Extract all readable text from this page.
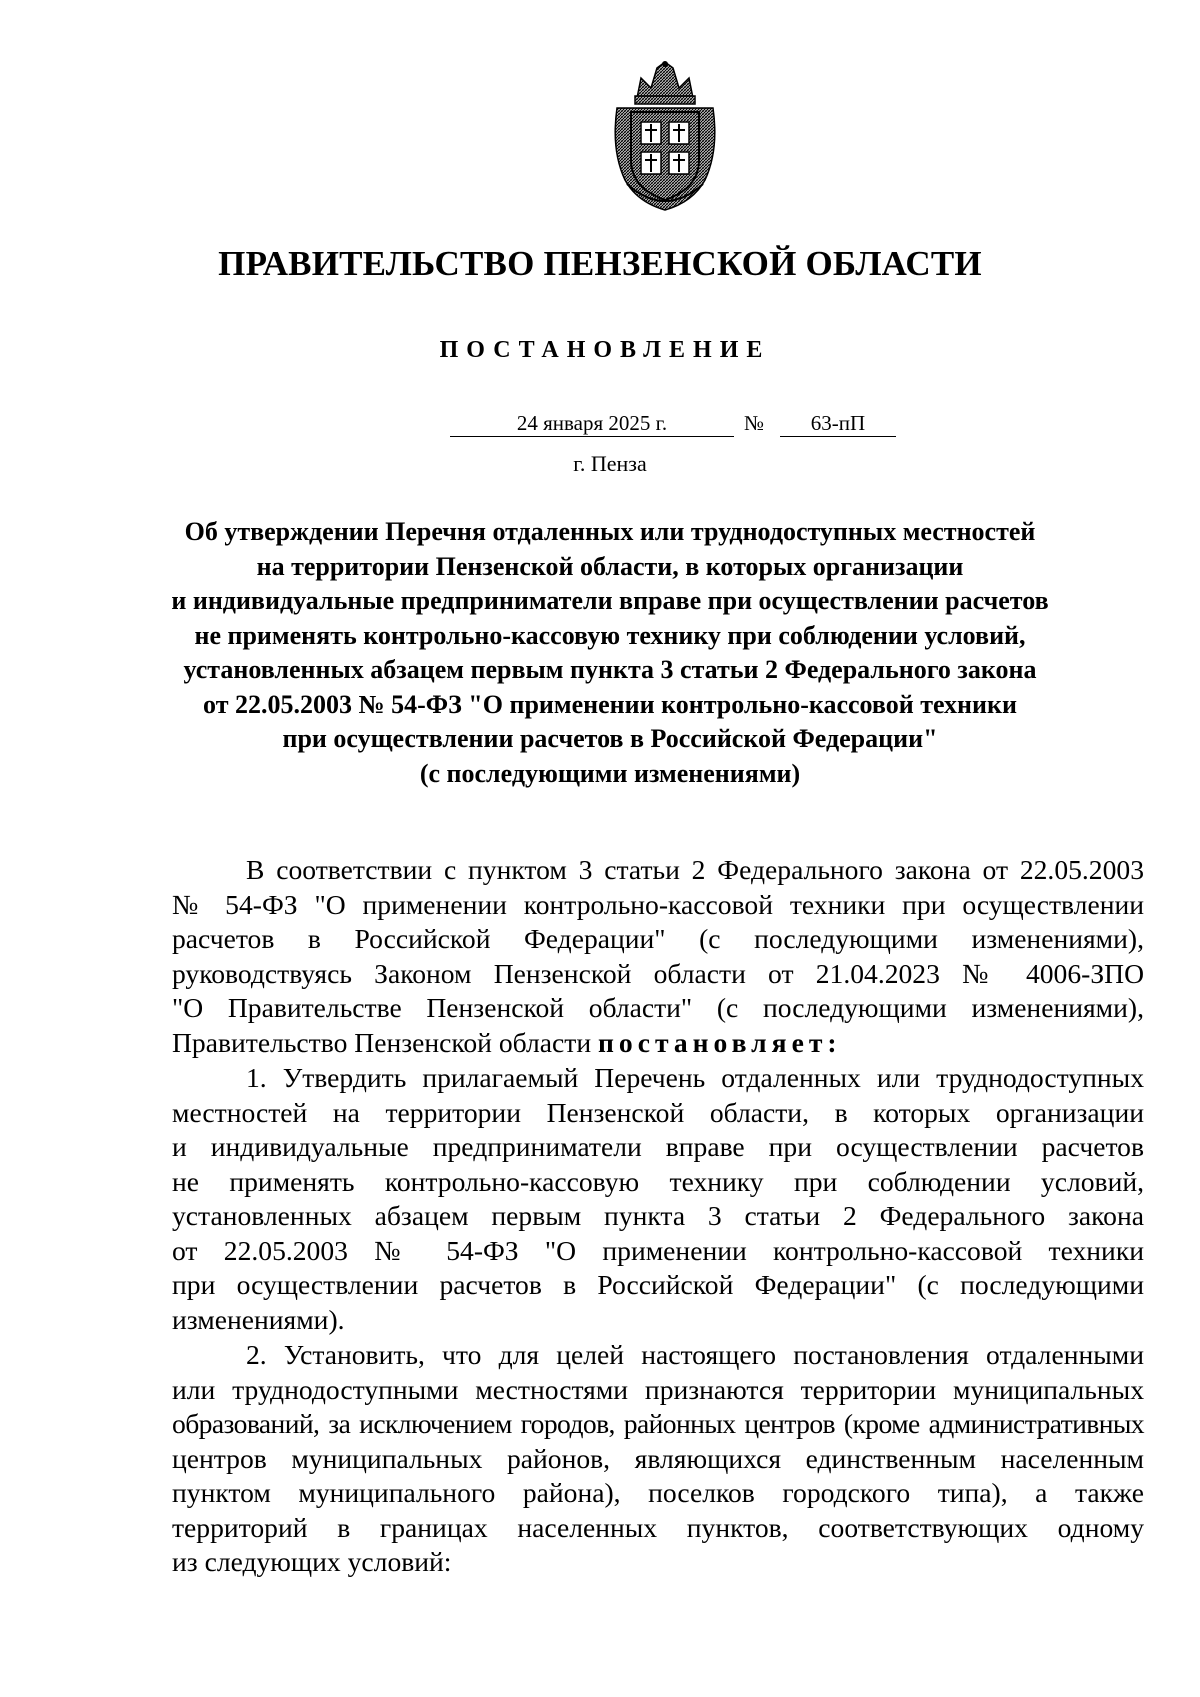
ПРАВИТЕЛЬСТВО ПЕНЗЕНСКОЙ ОБЛАСТИ
ПОСТАНОВЛЕНИЕ
24 января 2025 г.	№	63-пП
г. Пенза
Об утверждении Перечня отдаленных или труднодоступных местностей
на территории Пензенской области, в которых организации
и индивидуальные предприниматели вправе при осуществлении расчетов
не применять контрольно-кассовую технику при соблюдении условий,
установленных абзацем первым пункта 3 статьи 2 Федерального закона
от 22.05.2003 № 54-ФЗ "О применении контрольно-кассовой техники
при осуществлении расчетов в Российской Федерации"
(с последующими изменениями)
В соответствии с пунктом 3 статьи 2 Федерального закона от 22.05.2003
№ 54-ФЗ "О применении контрольно-кассовой техники при осуществлении
расчетов в Российской Федерации" (с последующими изменениями),
руководствуясь Законом Пензенской области от 21.04.2023 № 4006-ЗПО
"О Правительстве Пензенской области" (с последующими изменениями),
Правительство Пензенской области постановляет:
1. Утвердить прилагаемый Перечень отдаленных или труднодоступных
местностей на территории Пензенской области, в которых организации
и индивидуальные предприниматели вправе при осуществлении расчетов
не применять контрольно-кассовую технику при соблюдении условий,
установленных абзацем первым пункта 3 статьи 2 Федерального закона
от 22.05.2003 № 54-ФЗ "О применении контрольно-кассовой техники
при осуществлении расчетов в Российской Федерации" (с последующими
изменениями).
2. Установить, что для целей настоящего постановления отдаленными
или труднодоступными местностями признаются территории муниципальных
образований, за исключением городов, районных центров (кроме административных
центров муниципальных районов, являющихся единственным населенным
пунктом муниципального района), поселков городского типа), а также
территорий в границах населенных пунктов, соответствующих одному
из следующих условий:
